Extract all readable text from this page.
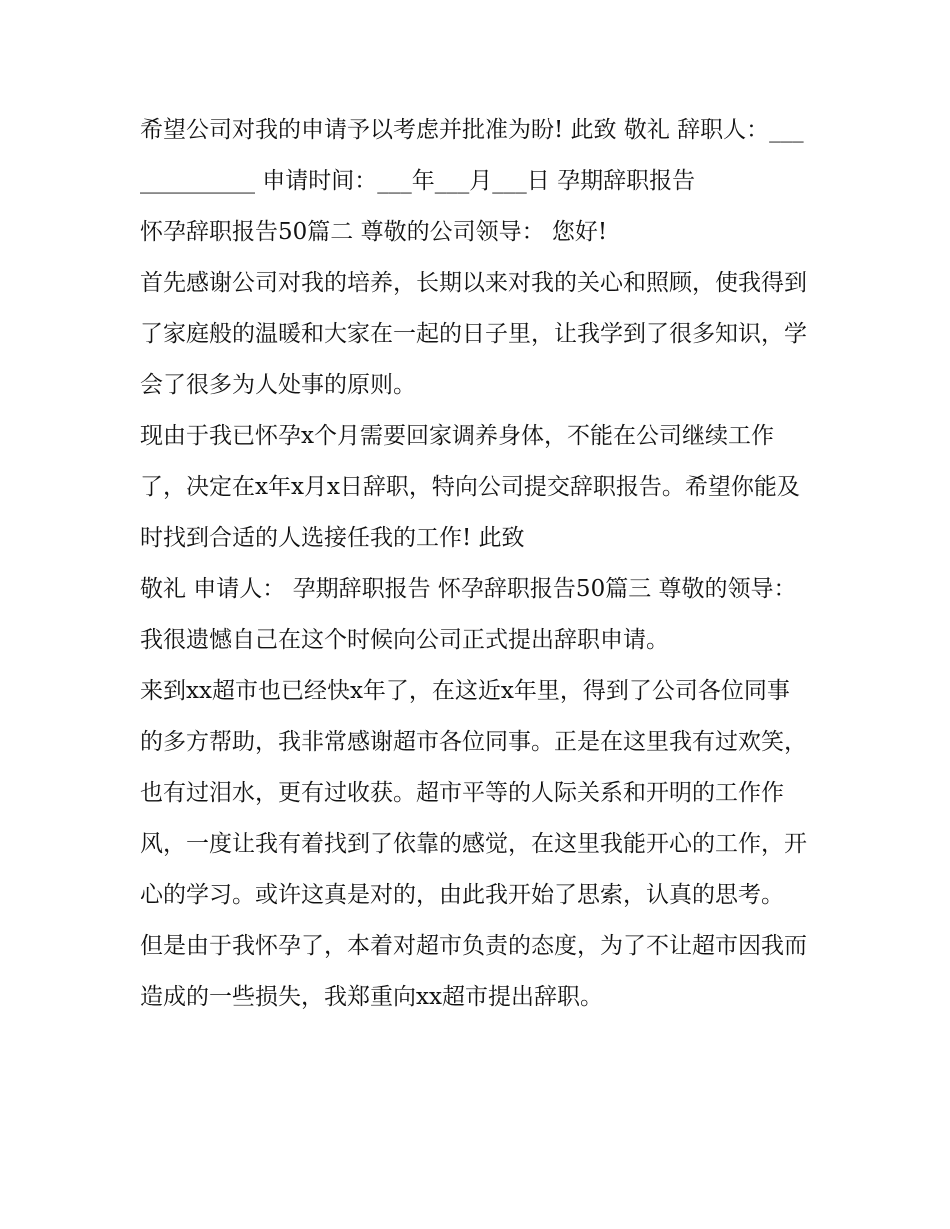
希望公司对我的申请予以考虑并批准为盼! 此致 敬礼 辞职人：_____________ 申请时间：___年___月___日 孕期辞职报告

怀孕辞职报告50篇二 尊敬的公司领导： 您好!

首先感谢公司对我的培养，长期以来对我的关心和照顾，使我得到了家庭般的温暖和大家在一起的日子里，让我学到了很多知识，学会了很多为人处事的原则。

现由于我已怀孕x个月需要回家调养身体，不能在公司继续工作了，决定在x年x月x日辞职，特向公司提交辞职报告。希望你能及时找到合适的人选接任我的工作! 此致

敬礼 申请人： 孕期辞职报告 怀孕辞职报告50篇三 尊敬的领导： 我很遗憾自己在这个时候向公司正式提出辞职申请。

来到xx超市也已经快x年了，在这近x年里，得到了公司各位同事的多方帮助，我非常感谢超市各位同事。正是在这里我有过欢笑，也有过泪水，更有过收获。超市平等的人际关系和开明的工作作风，一度让我有着找到了依靠的感觉，在这里我能开心的工作，开心的学习。或许这真是对的，由此我开始了思索，认真的思考。

但是由于我怀孕了，本着对超市负责的态度，为了不让超市因我而造成的一些损失，我郑重向xx超市提出辞职。
